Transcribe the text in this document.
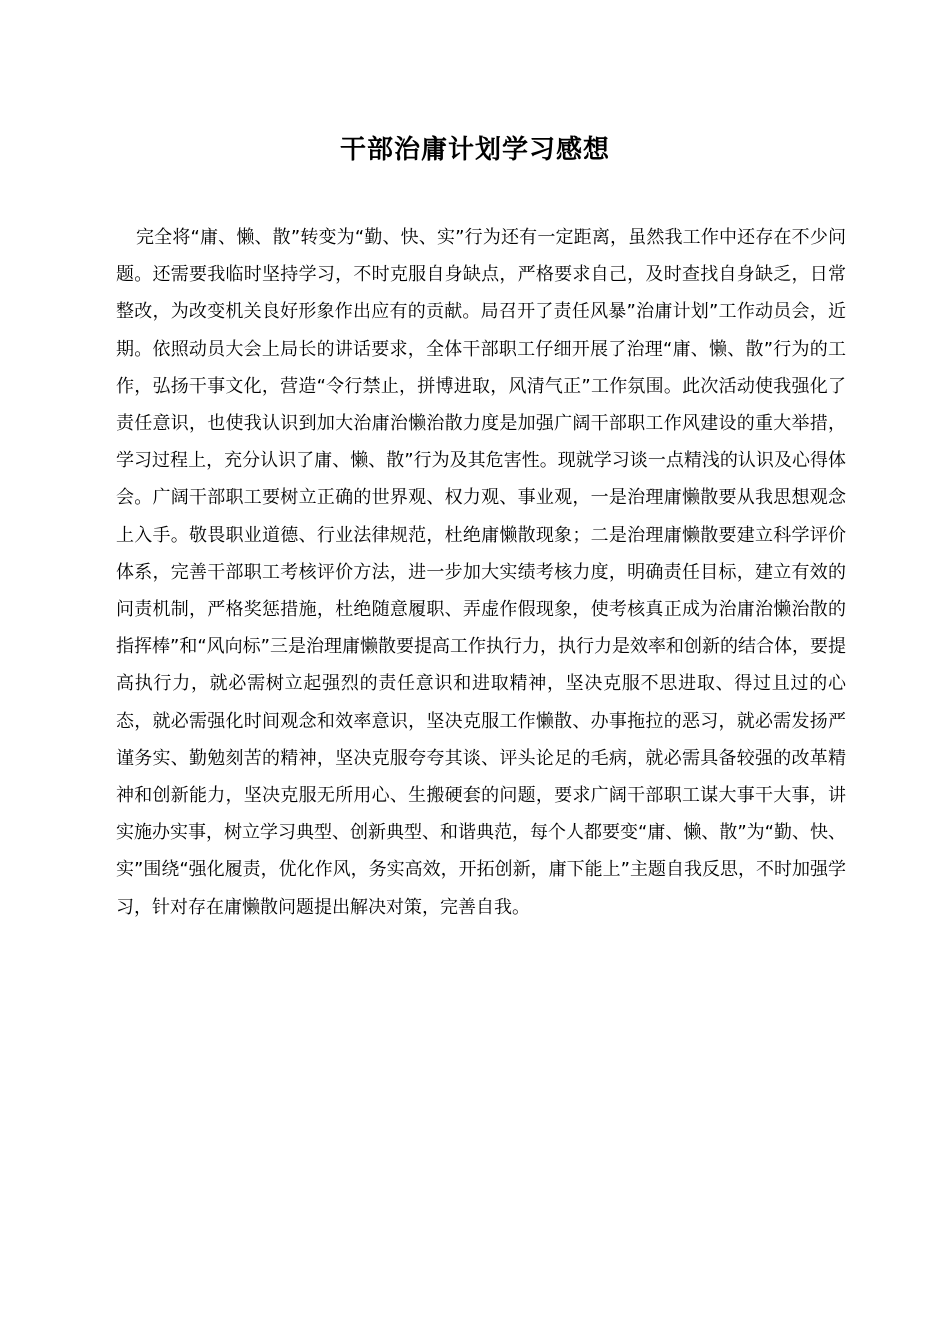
干部治庸计划学习感想

完全将“庸、懒、散”转变为“勤、快、实”行为还有一定距离，虽然我工作中还存在不少问题。还需要我临时坚持学习，不时克服自身缺点，严格要求自己，及时查找自身缺乏，日常整改，为改变机关良好形象作出应有的贡献。局召开了责任风暴”治庸计划”工作动员会，近期。依照动员大会上局长的讲话要求，全体干部职工仔细开展了治理“庸、懒、散”行为的工作，弘扬干事文化，营造“令行禁止，拼博进取，风清气正”工作氛围。此次活动使我强化了责任意识，也使我认识到加大治庸治懒治散力度是加强广阔干部职工作风建设的重大举措，学习过程上，充分认识了庸、懒、散”行为及其危害性。现就学习谈一点精浅的认识及心得体会。广阔干部职工要树立正确的世界观、权力观、事业观，一是治理庸懒散要从我思想观念上入手。敬畏职业道德、行业法律规范，杜绝庸懒散现象；二是治理庸懒散要建立科学评价体系，完善干部职工考核评价方法，进一步加大实绩考核力度，明确责任目标，建立有效的问责机制，严格奖惩措施，杜绝随意履职、弄虚作假现象，使考核真正成为治庸治懒治散的指挥棒”和“风向标”三是治理庸懒散要提高工作执行力，执行力是效率和创新的结合体，要提高执行力，就必需树立起强烈的责任意识和进取精神，坚决克服不思进取、得过且过的心态，就必需强化时间观念和效率意识，坚决克服工作懒散、办事拖拉的恶习，就必需发扬严谨务实、勤勉刻苦的精神，坚决克服夸夸其谈、评头论足的毛病，就必需具备较强的改革精神和创新能力，坚决克服无所用心、生搬硬套的问题，要求广阔干部职工谋大事干大事，讲实施办实事，树立学习典型、创新典型、和谐典范，每个人都要变“庸、懒、散”为“勤、快、实”围绕“强化履责，优化作风，务实高效，开拓创新，庸下能上”主题自我反思，不时加强学习，针对存在庸懒散问题提出解决对策，完善自我。
